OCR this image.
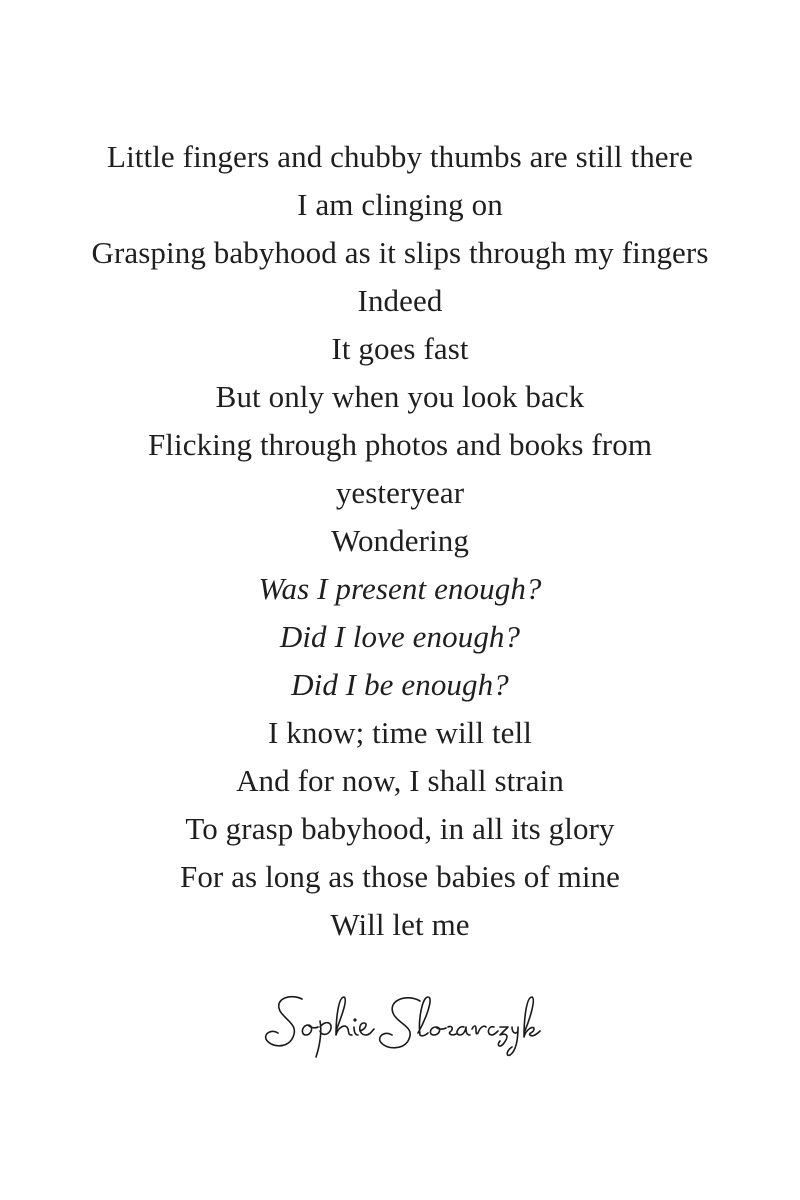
Little fingers and chubby thumbs are still there
I am clinging on
Grasping babyhood as it slips through my fingers
Indeed
It goes fast
But only when you look back
Flicking through photos and books from
yesteryear
Wondering
Was I present enough?
Did I love enough?
Did I be enough?
I know; time will tell
And for now, I shall strain
To grasp babyhood, in all its glory
For as long as those babies of mine
Will let me
